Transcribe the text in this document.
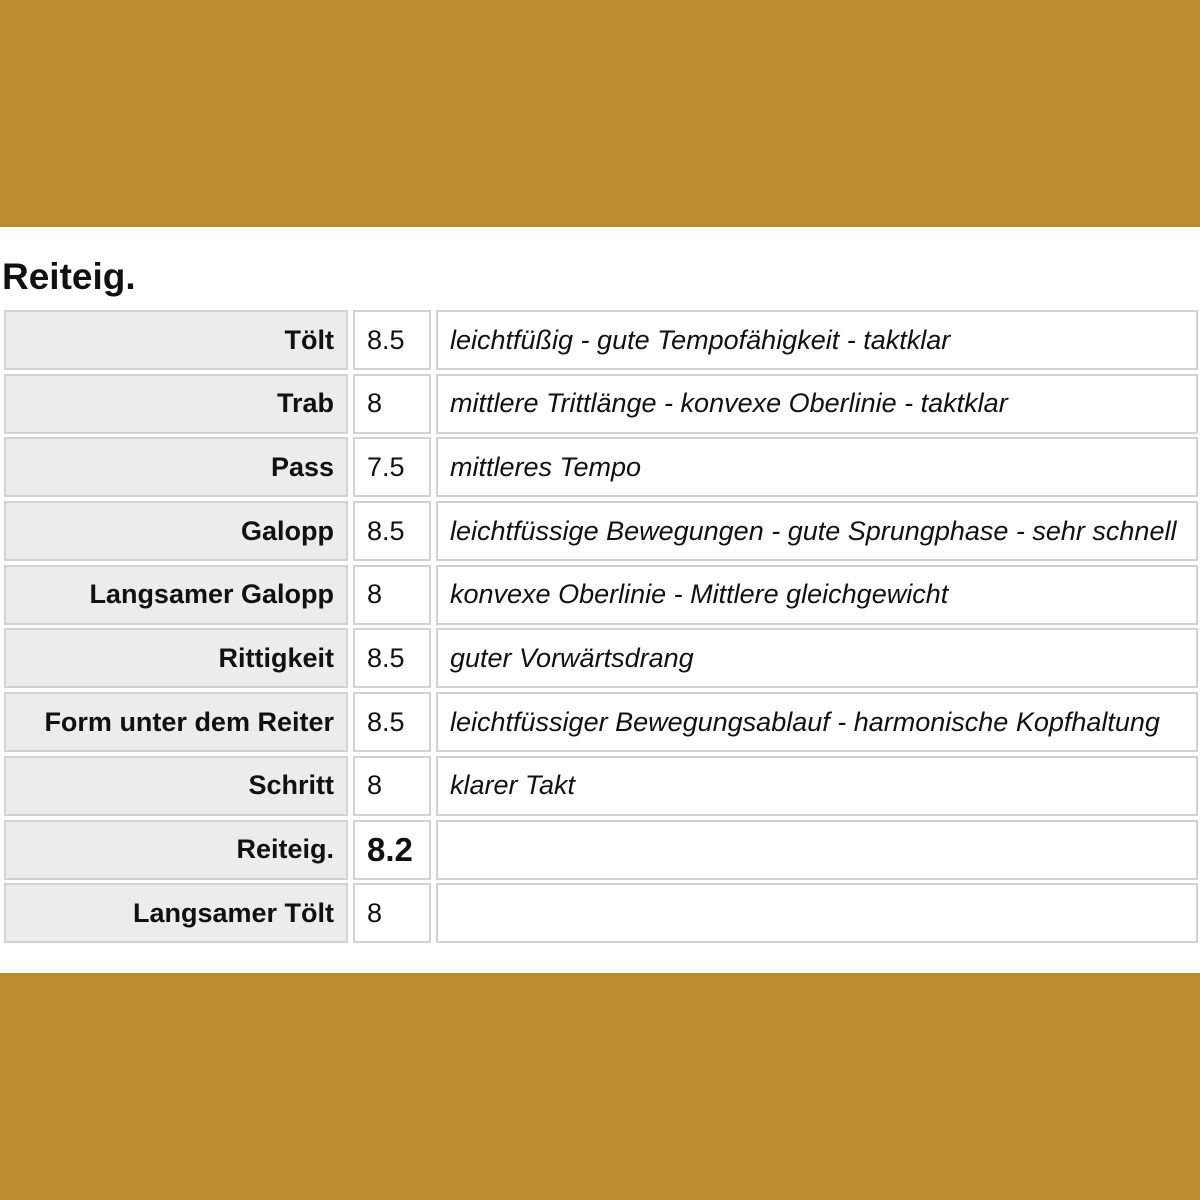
Reiteig.
Tölt	8.5	leichtfüßig - gute Tempofähigkeit - taktklar
Trab	8	mittlere Trittlänge - konvexe Oberlinie - taktklar
Pass	7.5	mittleres Tempo
Galopp	8.5	leichtfüssige Bewegungen - gute Sprungphase - sehr schnell
Langsamer Galopp	8	konvexe Oberlinie - Mittlere gleichgewicht
Rittigkeit	8.5	guter Vorwärtsdrang
Form unter dem Reiter	8.5	leichtfüssiger Bewegungsablauf - harmonische Kopfhaltung
Schritt	8	klarer Takt
Reiteig.	8.2
Langsamer Tölt	8
